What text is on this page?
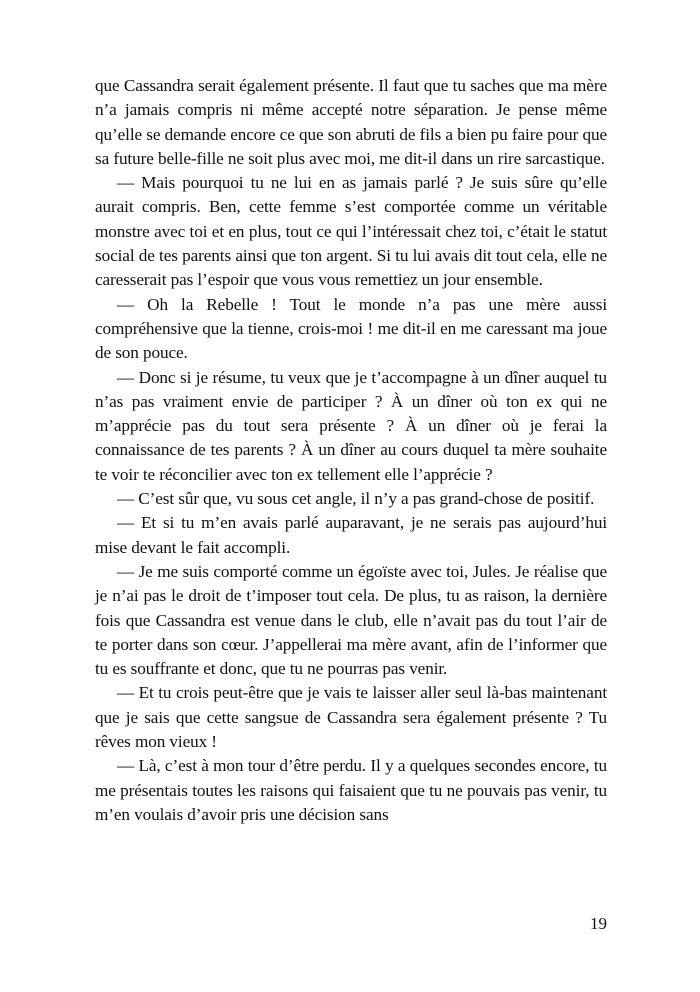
que Cassandra serait également présente. Il faut que tu saches que ma mère n’a jamais compris ni même accepté notre séparation. Je pense même qu’elle se demande encore ce que son abruti de fils a bien pu faire pour que sa future belle-fille ne soit plus avec moi, me dit-il dans un rire sarcastique.

— Mais pourquoi tu ne lui en as jamais parlé ? Je suis sûre qu’elle aurait compris. Ben, cette femme s’est comportée comme un véritable monstre avec toi et en plus, tout ce qui l’intéressait chez toi, c’était le statut social de tes parents ainsi que ton argent. Si tu lui avais dit tout cela, elle ne caresserait pas l’espoir que vous vous remettiez un jour ensemble.

— Oh la Rebelle ! Tout le monde n’a pas une mère aussi compréhensive que la tienne, crois-moi ! me dit-il en me caressant ma joue de son pouce.

— Donc si je résume, tu veux que je t’accompagne à un dîner auquel tu n’as pas vraiment envie de participer ? À un dîner où ton ex qui ne m’apprécie pas du tout sera présente ? À un dîner où je ferai la connaissance de tes parents ? À un dîner au cours duquel ta mère souhaite te voir te réconcilier avec ton ex tellement elle l’apprécie ?

— C’est sûr que, vu sous cet angle, il n’y a pas grand-chose de positif.

— Et si tu m’en avais parlé auparavant, je ne serais pas aujourd’hui mise devant le fait accompli.

— Je me suis comporté comme un égoïste avec toi, Jules. Je réalise que je n’ai pas le droit de t’imposer tout cela. De plus, tu as raison, la dernière fois que Cassandra est venue dans le club, elle n’avait pas du tout l’air de te porter dans son cœur. J’appellerai ma mère avant, afin de l’informer que tu es souffrante et donc, que tu ne pourras pas venir.

— Et tu crois peut-être que je vais te laisser aller seul là-bas maintenant que je sais que cette sangsue de Cassandra sera également présente ? Tu rêves mon vieux !

— Là, c’est à mon tour d’être perdu. Il y a quelques secondes encore, tu me présentais toutes les raisons qui faisaient que tu ne pouvais pas venir, tu m’en voulais d’avoir pris une décision sans

19
